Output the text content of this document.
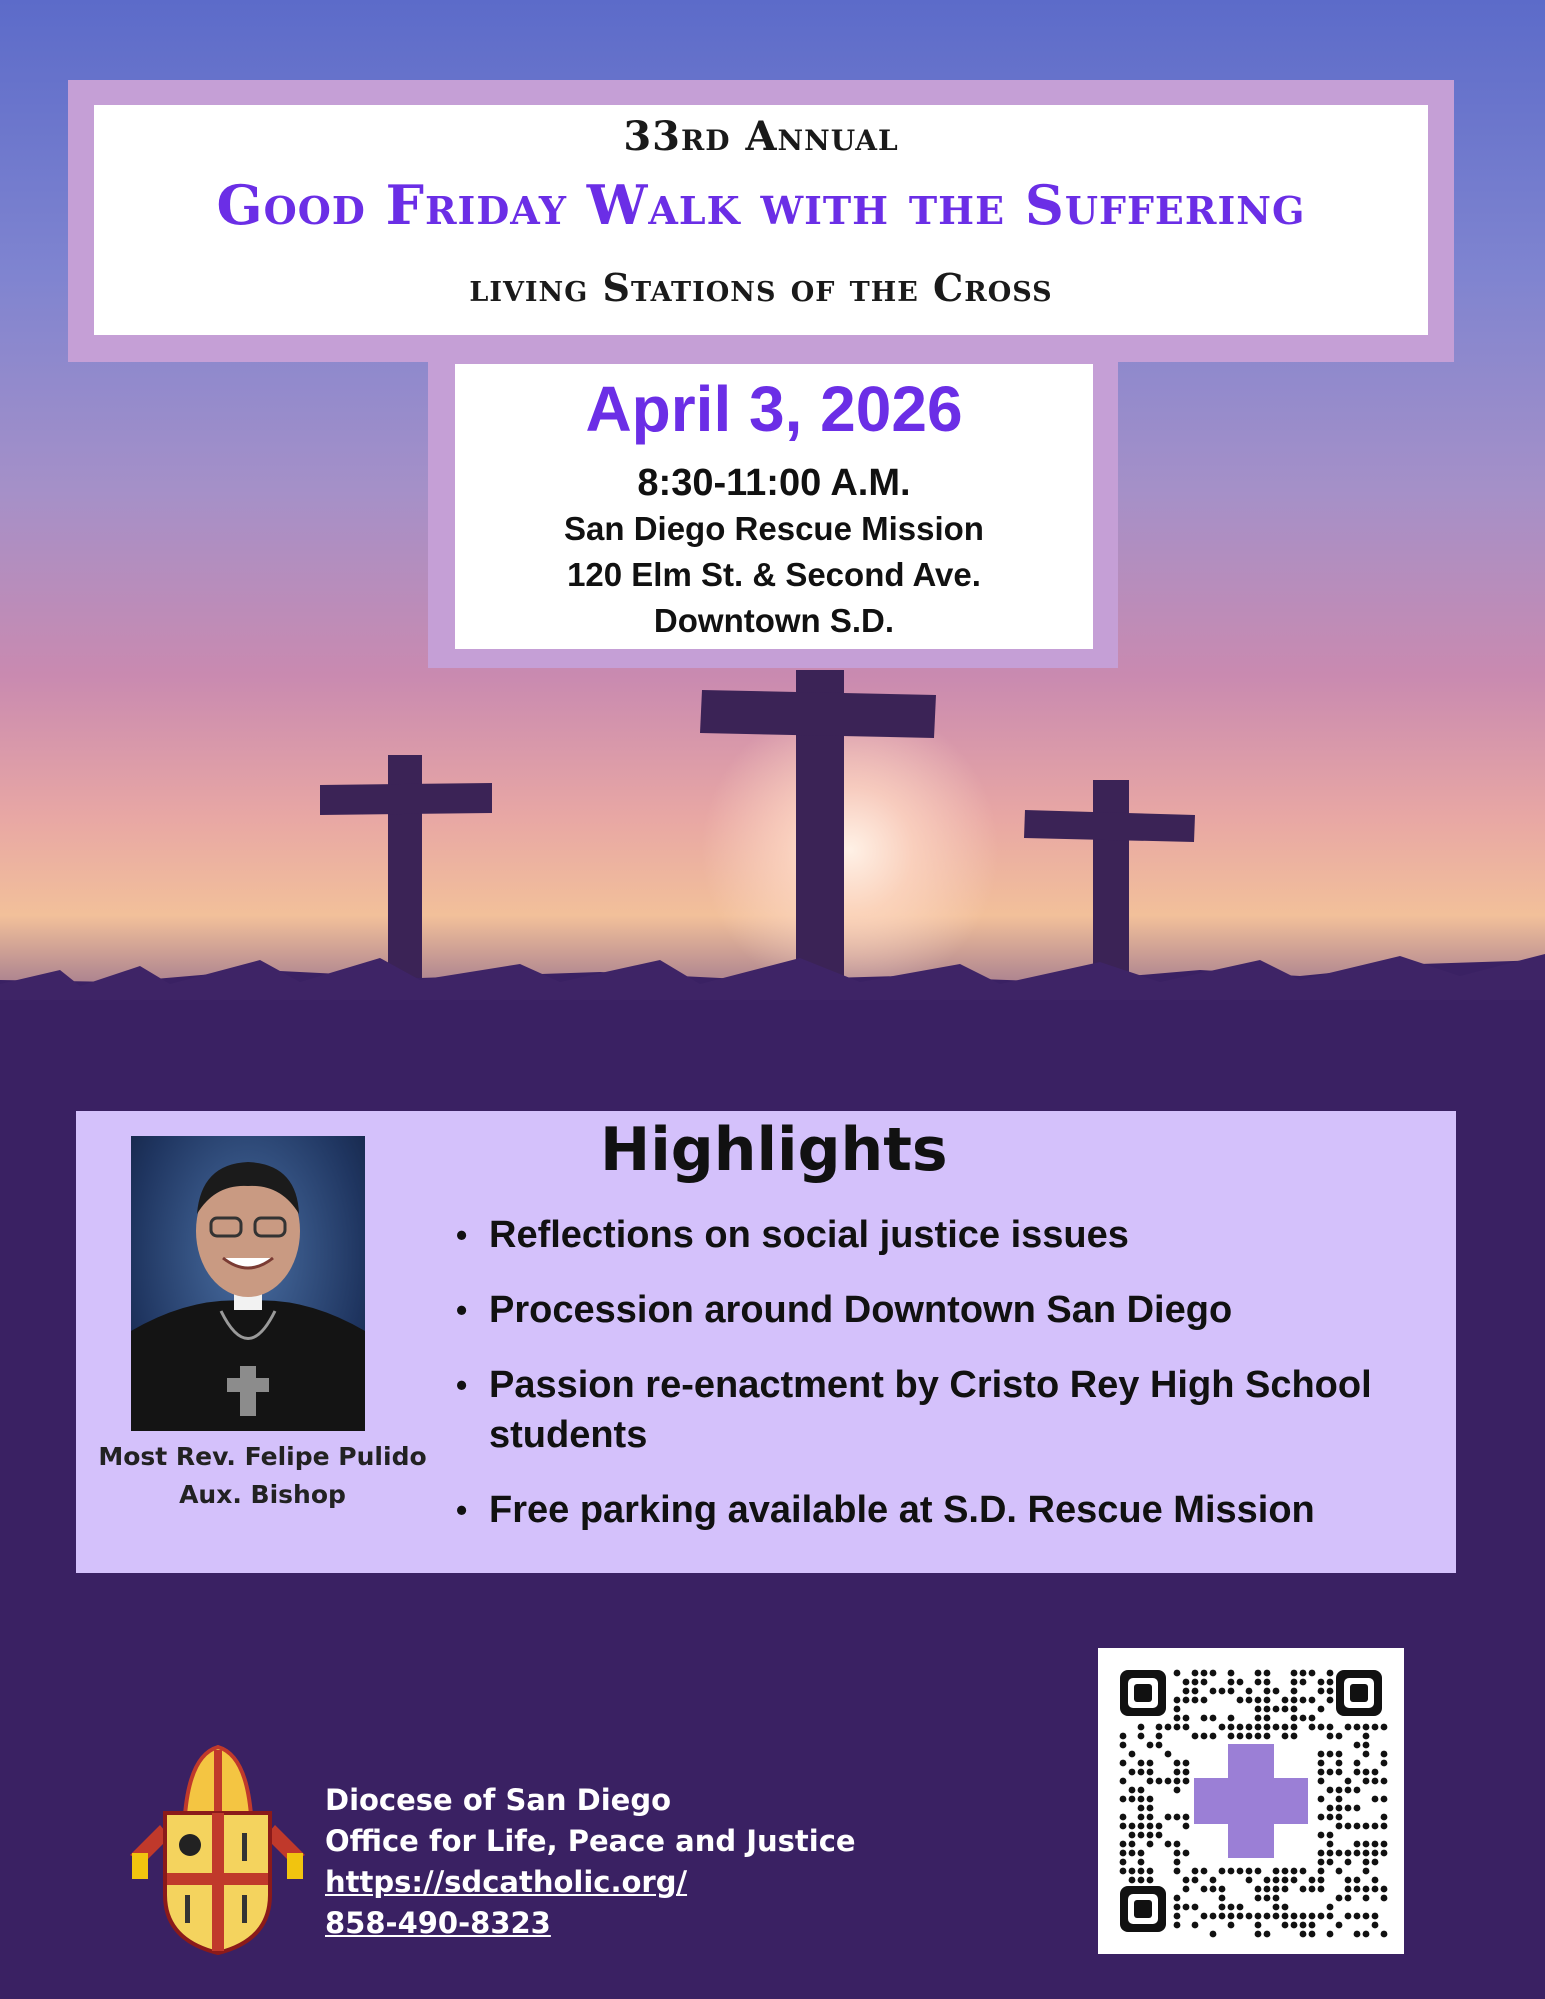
33rd Annual
Good Friday Walk with the Suffering
living Stations of the Cross
April 3, 2026
8:30-11:00 A.M.
San Diego Rescue Mission
120 Elm St. & Second Ave.
Downtown S.D.
Most Rev. Felipe Pulido
Aux. Bishop
Highlights
• Reflections on social justice issues
• Procession around Downtown San Diego
• Passion re-enactment by Cristo Rey High School students
• Free parking available at S.D. Rescue Mission
Diocese of San Diego
Office for Life, Peace and Justice
https://sdcatholic.org/
858-490-8323
